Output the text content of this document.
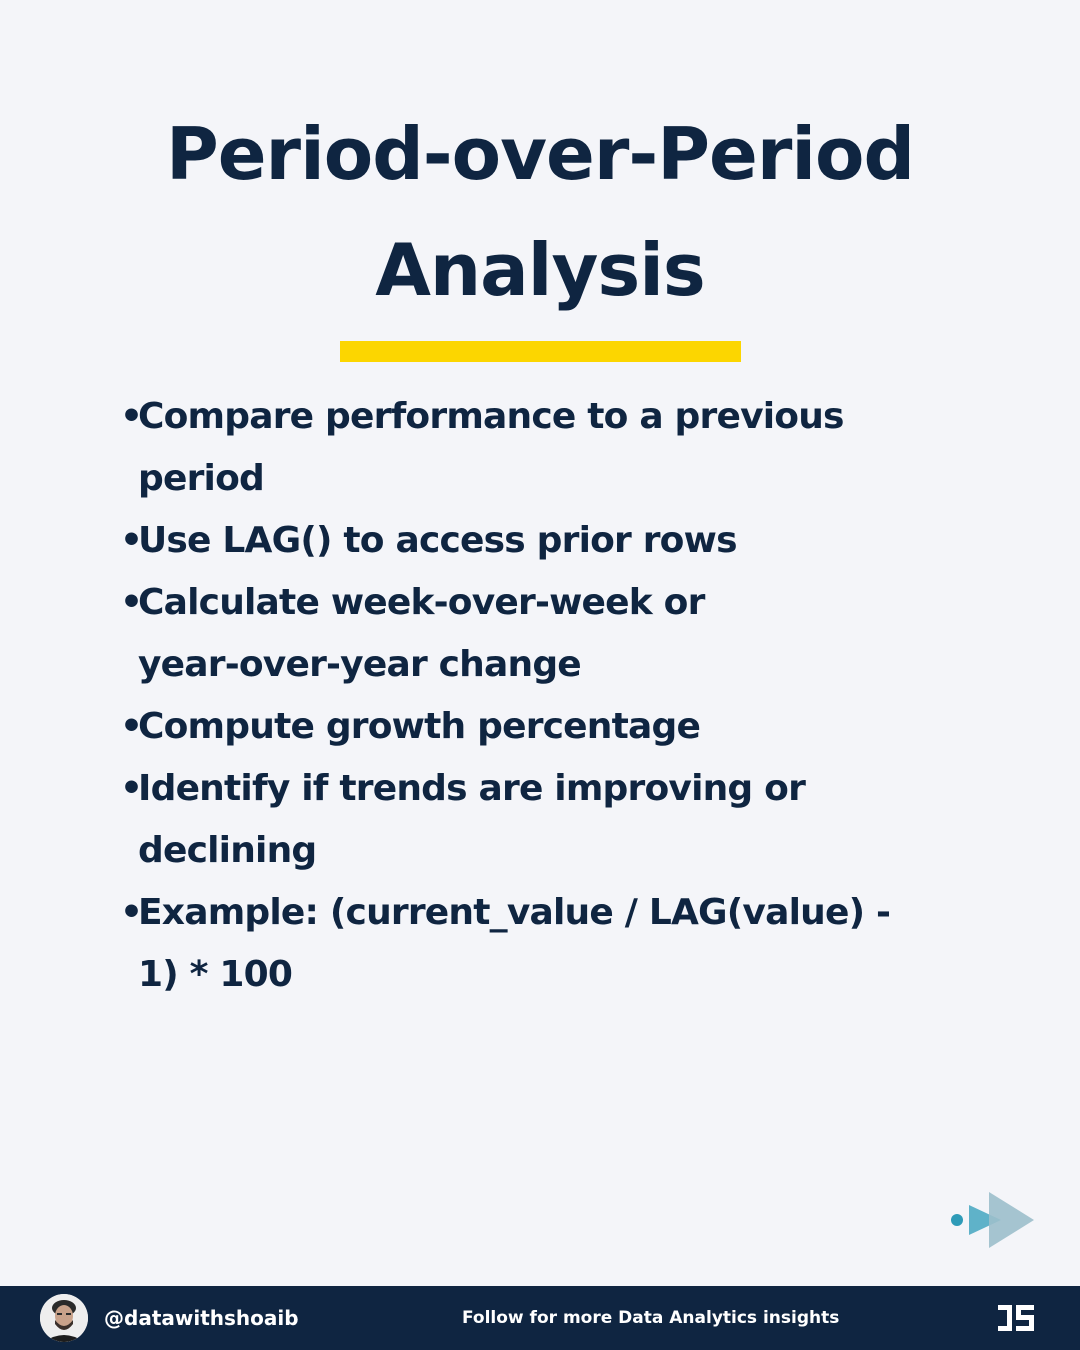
Period-over-Period
Analysis
•
Compare performance to a previous
period
•
Use LAG() to access prior rows
•
Calculate week-over-week or
year-over-year change
•
Compute growth percentage
•
Identify if trends are improving or
declining
•
Example: (current_value / LAG(value) -
1) * 100
@datawithshoaib	Follow for more Data Analytics insights
